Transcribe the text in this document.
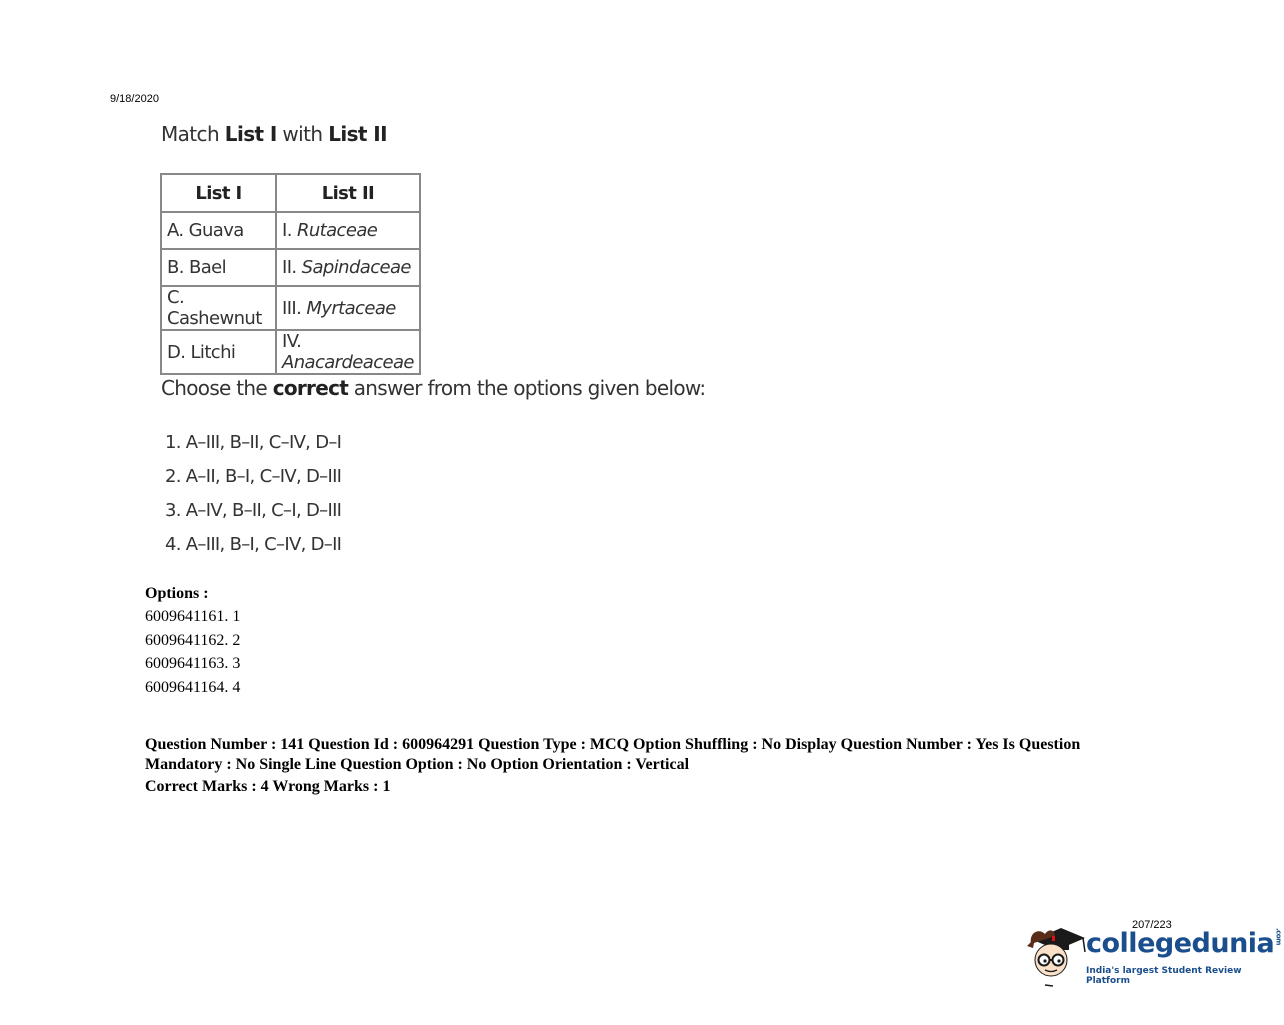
9/18/2020
Match List I with List II
List I	List II
A. Guava	I. Rutaceae
B. Bael	II. Sapindaceae
C. Cashewnut	III. Myrtaceae
D. Litchi	IV. Anacardeaceae
Choose the correct answer from the options given below:
1. A–III, B–II, C–IV, D–I
2. A–II, B–I, C–IV, D–III
3. A–IV, B–II, C–I, D–III
4. A–III, B–I, C–IV, D–II
Options :
6009641161. 1
6009641162. 2
6009641163. 3
6009641164. 4
Question Number : 141 Question Id : 600964291 Question Type : MCQ Option Shuffling : No Display Question Number : Yes Is Question Mandatory : No Single Line Question Option : No Option Orientation : Vertical
Correct Marks : 4 Wrong Marks : 1
207/223
collegedunia.com
India's largest Student Review Platform
